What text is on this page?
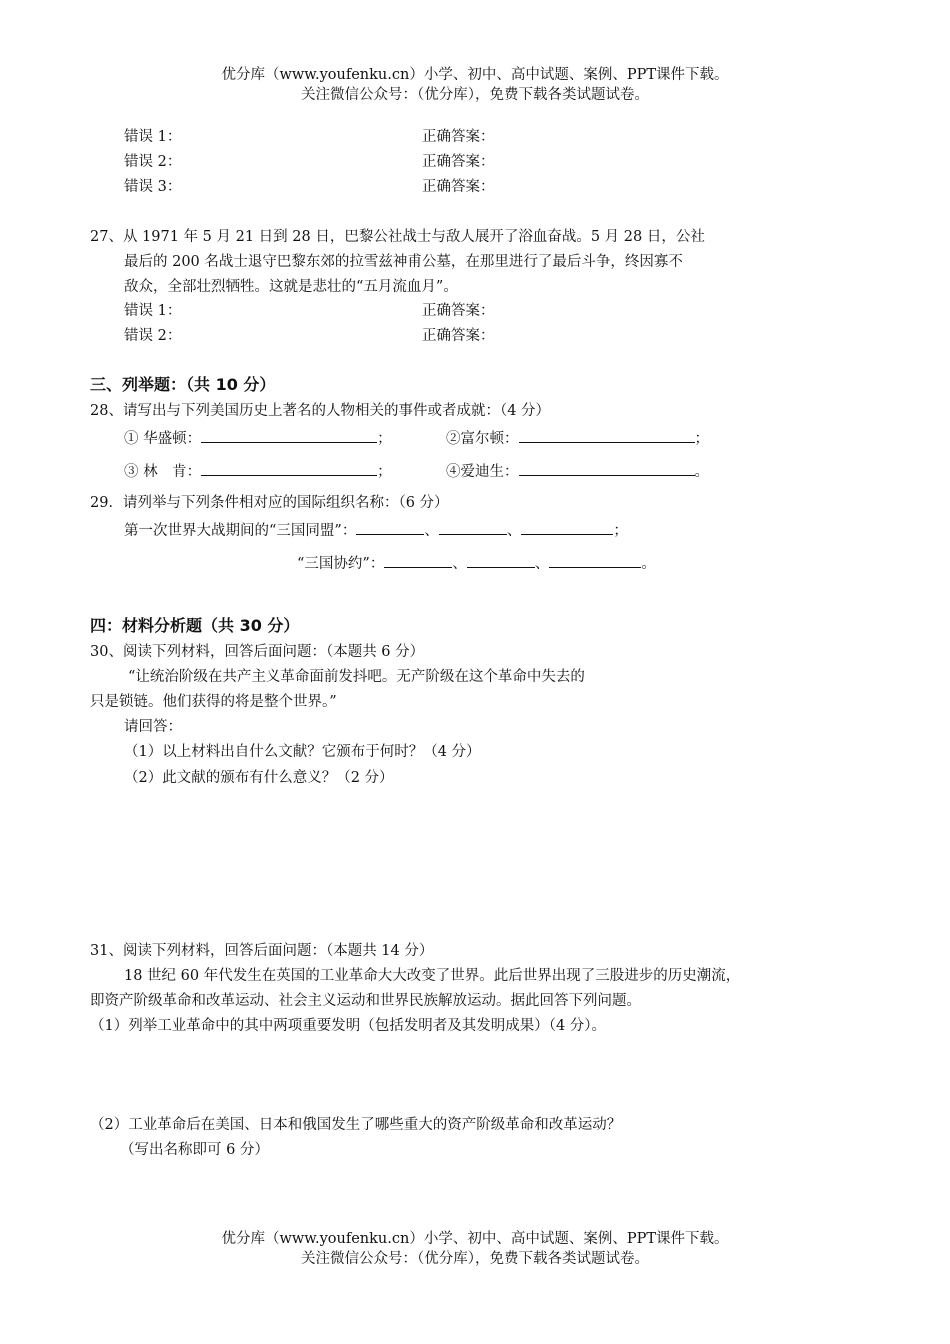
优分库（www.youfenku.cn）小学、初中、高中试题、案例、PPT课件下载。
关注微信公众号：（优分库），免费下载各类试题试卷。
错误 1：	正确答案：
错误 2：	正确答案：
错误 3：	正确答案：
27、从 1971 年 5 月 21 日到 28 日，巴黎公社战士与敌人展开了浴血奋战。5 月 28 日，公社
最后的 200 名战士退守巴黎东郊的拉雪兹神甫公墓，在那里进行了最后斗争，终因寡不
敌众，全部壮烈牺牲。这就是悲壮的“五月流血月”。
错误 1：	正确答案：
错误 2：	正确答案：
三、列举题：（共 10 分）
28、请写出与下列美国历史上著名的人物相关的事件或者成就：（4 分）
① 华盛顿：	；	②富尔顿：	；
③ 林　肯：	；	④爱迪生：	。
29．请列举与下列条件相对应的国际组织名称：（6 分）
第一次世界大战期间的“三国同盟”：	、	、	；
“三国协约”：	、	、	。
四：材料分析题（共 30 分）
30、阅读下列材料，回答后面问题：（本题共 6 分）
“让统治阶级在共产主义革命面前发抖吧。无产阶级在这个革命中失去的
只是锁链。他们获得的将是整个世界。”
请回答：
（1）以上材料出自什么文献？它颁布于何时？（4 分）
（2）此文献的颁布有什么意义？（2 分）
31、阅读下列材料，回答后面问题：（本题共 14 分）
18 世纪 60 年代发生在英国的工业革命大大改变了世界。此后世界出现了三股进步的历史潮流，
即资产阶级革命和改革运动、社会主义运动和世界民族解放运动。据此回答下列问题。
（1）列举工业革命中的其中两项重要发明（包括发明者及其发明成果）（4 分）。
（2）工业革命后在美国、日本和俄国发生了哪些重大的资产阶级革命和改革运动？
（写出名称即可 6 分）
优分库（www.youfenku.cn）小学、初中、高中试题、案例、PPT课件下载。
关注微信公众号：（优分库），免费下载各类试题试卷。
